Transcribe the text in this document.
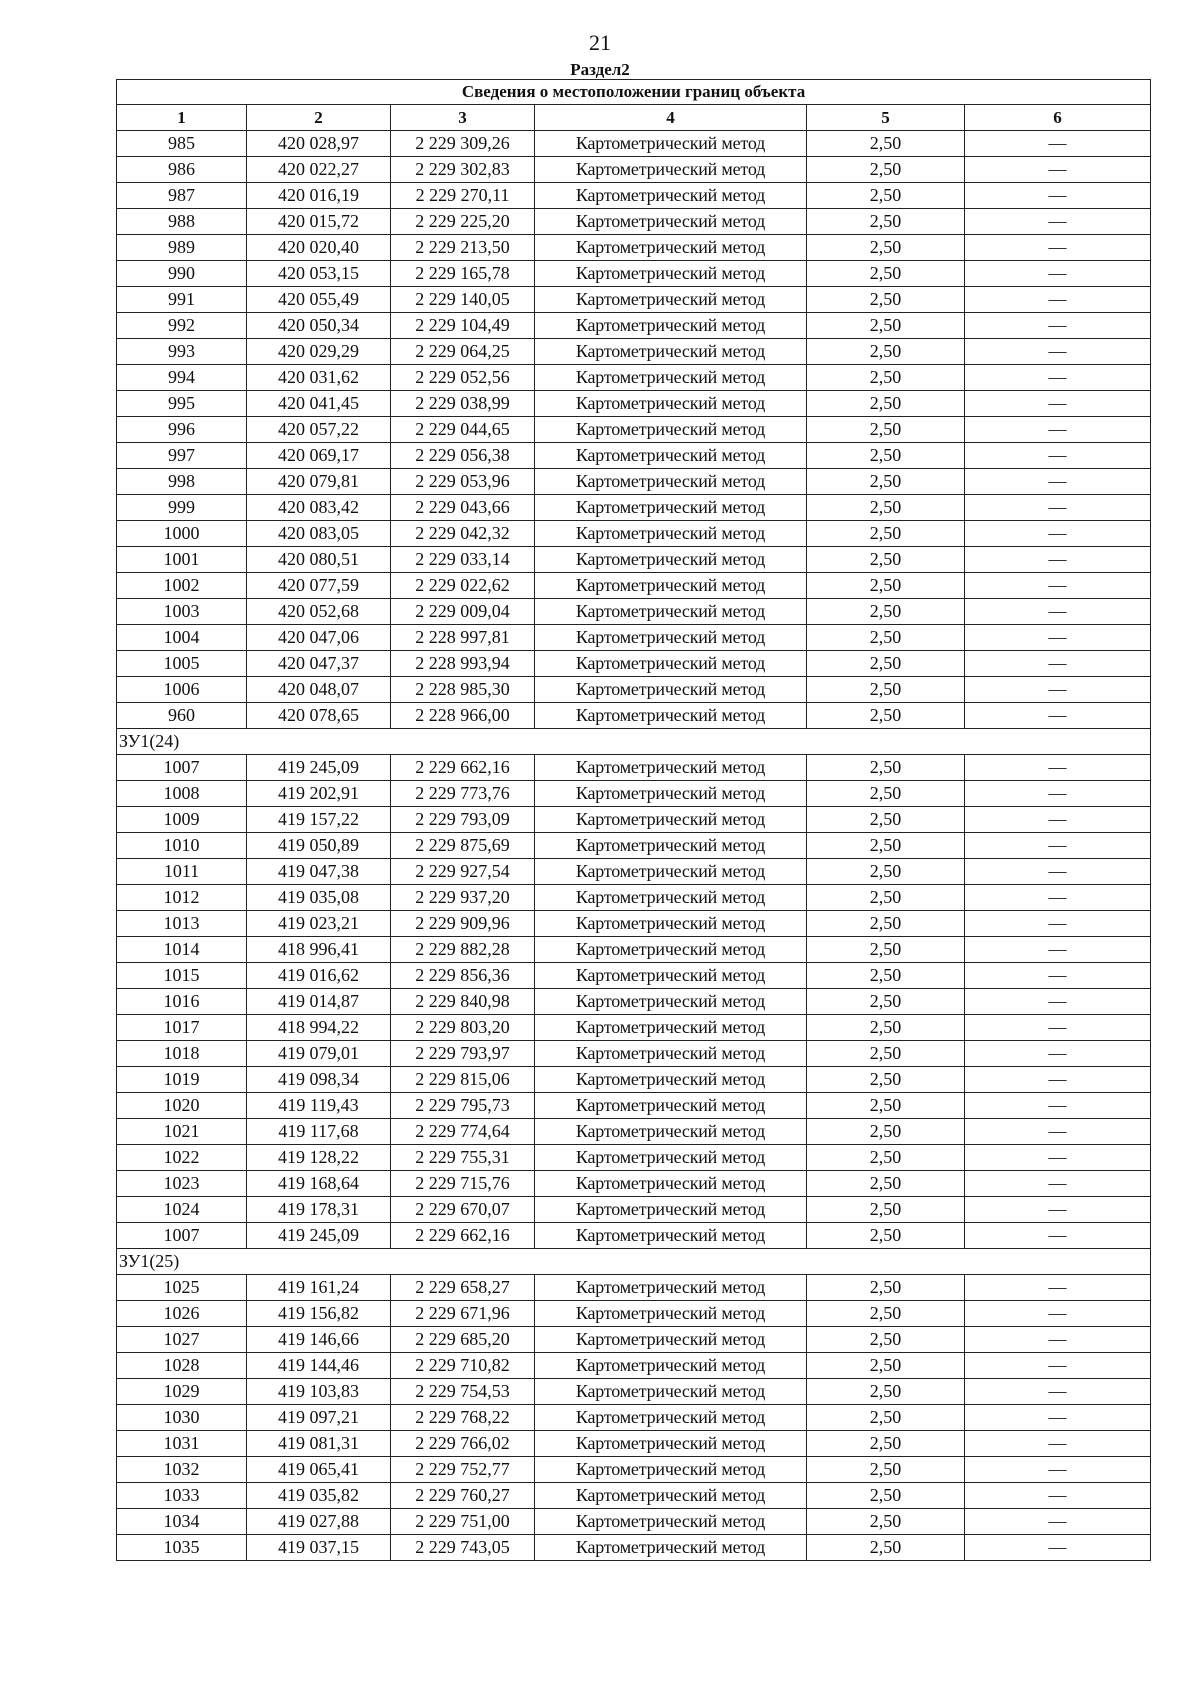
21
Раздел2
Сведения о местоположении границ объекта					
1	2	3	4	5	6
985	420 028,97	2 229 309,26	Картометрический метод	2,50	—
986	420 022,27	2 229 302,83	Картометрический метод	2,50	—
987	420 016,19	2 229 270,11	Картометрический метод	2,50	—
988	420 015,72	2 229 225,20	Картометрический метод	2,50	—
989	420 020,40	2 229 213,50	Картометрический метод	2,50	—
990	420 053,15	2 229 165,78	Картометрический метод	2,50	—
991	420 055,49	2 229 140,05	Картометрический метод	2,50	—
992	420 050,34	2 229 104,49	Картометрический метод	2,50	—
993	420 029,29	2 229 064,25	Картометрический метод	2,50	—
994	420 031,62	2 229 052,56	Картометрический метод	2,50	—
995	420 041,45	2 229 038,99	Картометрический метод	2,50	—
996	420 057,22	2 229 044,65	Картометрический метод	2,50	—
997	420 069,17	2 229 056,38	Картометрический метод	2,50	—
998	420 079,81	2 229 053,96	Картометрический метод	2,50	—
999	420 083,42	2 229 043,66	Картометрический метод	2,50	—
1000	420 083,05	2 229 042,32	Картометрический метод	2,50	—
1001	420 080,51	2 229 033,14	Картометрический метод	2,50	—
1002	420 077,59	2 229 022,62	Картометрический метод	2,50	—
1003	420 052,68	2 229 009,04	Картометрический метод	2,50	—
1004	420 047,06	2 228 997,81	Картометрический метод	2,50	—
1005	420 047,37	2 228 993,94	Картометрический метод	2,50	—
1006	420 048,07	2 228 985,30	Картометрический метод	2,50	—
960	420 078,65	2 228 966,00	Картометрический метод	2,50	—
ЗУ1(24)					
1007	419 245,09	2 229 662,16	Картометрический метод	2,50	—
1008	419 202,91	2 229 773,76	Картометрический метод	2,50	—
1009	419 157,22	2 229 793,09	Картометрический метод	2,50	—
1010	419 050,89	2 229 875,69	Картометрический метод	2,50	—
1011	419 047,38	2 229 927,54	Картометрический метод	2,50	—
1012	419 035,08	2 229 937,20	Картометрический метод	2,50	—
1013	419 023,21	2 229 909,96	Картометрический метод	2,50	—
1014	418 996,41	2 229 882,28	Картометрический метод	2,50	—
1015	419 016,62	2 229 856,36	Картометрический метод	2,50	—
1016	419 014,87	2 229 840,98	Картометрический метод	2,50	—
1017	418 994,22	2 229 803,20	Картометрический метод	2,50	—
1018	419 079,01	2 229 793,97	Картометрический метод	2,50	—
1019	419 098,34	2 229 815,06	Картометрический метод	2,50	—
1020	419 119,43	2 229 795,73	Картометрический метод	2,50	—
1021	419 117,68	2 229 774,64	Картометрический метод	2,50	—
1022	419 128,22	2 229 755,31	Картометрический метод	2,50	—
1023	419 168,64	2 229 715,76	Картометрический метод	2,50	—
1024	419 178,31	2 229 670,07	Картометрический метод	2,50	—
1007	419 245,09	2 229 662,16	Картометрический метод	2,50	—
ЗУ1(25)					
1025	419 161,24	2 229 658,27	Картометрический метод	2,50	—
1026	419 156,82	2 229 671,96	Картометрический метод	2,50	—
1027	419 146,66	2 229 685,20	Картометрический метод	2,50	—
1028	419 144,46	2 229 710,82	Картометрический метод	2,50	—
1029	419 103,83	2 229 754,53	Картометрический метод	2,50	—
1030	419 097,21	2 229 768,22	Картометрический метод	2,50	—
1031	419 081,31	2 229 766,02	Картометрический метод	2,50	—
1032	419 065,41	2 229 752,77	Картометрический метод	2,50	—
1033	419 035,82	2 229 760,27	Картометрический метод	2,50	—
1034	419 027,88	2 229 751,00	Картометрический метод	2,50	—
1035	419 037,15	2 229 743,05	Картометрический метод	2,50	—
